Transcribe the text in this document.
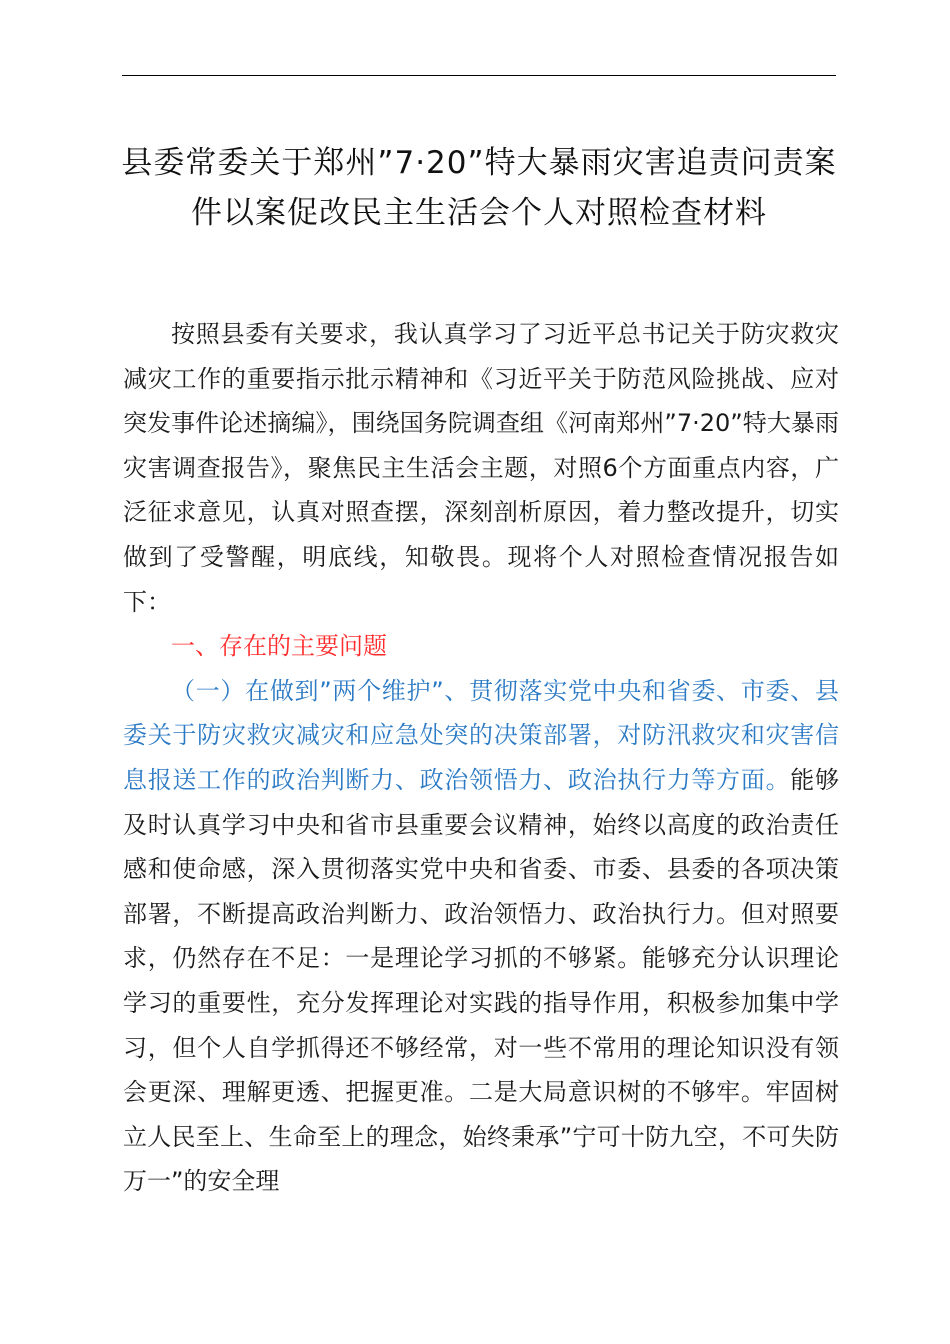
县委常委关于郑州”7·20”特大暴雨灾害追责问责案件以案促改民主生活会个人对照检查材料

按照县委有关要求，我认真学习了习近平总书记关于防灾救灾减灾工作的重要指示批示精神和《习近平关于防范风险挑战、应对突发事件论述摘编》，围绕国务院调查组《河南郑州”7·20”特大暴雨灾害调查报告》，聚焦民主生活会主题，对照6个方面重点内容，广泛征求意见，认真对照查摆，深刻剖析原因，着力整改提升，切实做到了受警醒，明底线，知敬畏。现将个人对照检查情况报告如下：

一、存在的主要问题

（一）在做到”两个维护”、贯彻落实党中央和省委、市委、县委关于防灾救灾减灾和应急处突的决策部署，对防汛救灾和灾害信息报送工作的政治判断力、政治领悟力、政治执行力等方面。能够及时认真学习中央和省市县重要会议精神，始终以高度的政治责任感和使命感，深入贯彻落实党中央和省委、市委、县委的各项决策部署，不断提高政治判断力、政治领悟力、政治执行力。但对照要求，仍然存在不足：一是理论学习抓的不够紧。能够充分认识理论学习的重要性，充分发挥理论对实践的指导作用，积极参加集中学习，但个人自学抓得还不够经常，对一些不常用的理论知识没有领会更深、理解更透、把握更准。二是大局意识树的不够牢。牢固树立人民至上、生命至上的理念，始终秉承”宁可十防九空，不可失防万一”的安全理
